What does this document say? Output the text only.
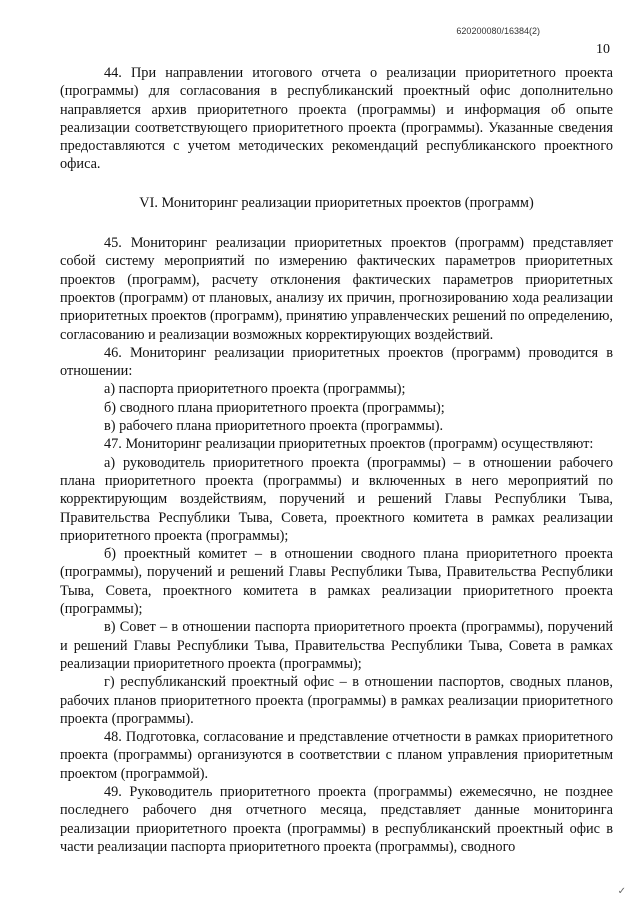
620200080/16384(2)
10

44. При направлении итогового отчета о реализации приоритетного проекта (программы) для согласования в республиканский проектный офис дополнительно направляется архив приоритетного проекта (программы) и информация об опыте реализации соответствующего приоритетного проекта (программы). Указанные сведения предоставляются с учетом методических рекомендаций республиканского проектного офиса.

VI. Мониторинг реализации приоритетных проектов (программ)

45. Мониторинг реализации приоритетных проектов (программ) представляет собой систему мероприятий по измерению фактических параметров приоритетных проектов (программ), расчету отклонения фактических параметров приоритетных проектов (программ) от плановых, анализу их причин, прогнозированию хода реализации приоритетных проектов (программ), принятию управленческих решений по определению, согласованию и реализации возможных корректирующих воздействий.

46. Мониторинг реализации приоритетных проектов (программ) проводится в отношении:

а) паспорта приоритетного проекта (программы);

б) сводного плана приоритетного проекта (программы);

в) рабочего плана приоритетного проекта (программы).

47. Мониторинг реализации приоритетных проектов (программ) осуществляют:

а) руководитель приоритетного проекта (программы) – в отношении рабочего плана приоритетного проекта (программы) и включенных в него мероприятий по корректирующим воздействиям, поручений и решений Главы Республики Тыва, Правительства Республики Тыва, Совета, проектного комитета в рамках реализации приоритетного проекта (программы);

б) проектный комитет – в отношении сводного плана приоритетного проекта (программы), поручений и решений Главы Республики Тыва, Правительства Республики Тыва, Совета, проектного комитета в рамках реализации приоритетного проекта (программы);

в) Совет – в отношении паспорта приоритетного проекта (программы), поручений и решений Главы Республики Тыва, Правительства Республики Тыва, Совета в рамках реализации приоритетного проекта (программы);

г) республиканский проектный офис – в отношении паспортов, сводных планов, рабочих планов приоритетного проекта (программы) в рамках реализации приоритетного проекта (программы).

48. Подготовка, согласование и представление отчетности в рамках приоритетного проекта (программы) организуются в соответствии с планом управления приоритетным проектом (программой).

49. Руководитель приоритетного проекта (программы) ежемесячно, не позднее последнего рабочего дня отчетного месяца, представляет данные мониторинга реализации приоритетного проекта (программы) в республиканский проектный офис в части реализации паспорта приоритетного проекта (программы), сводного

✓
